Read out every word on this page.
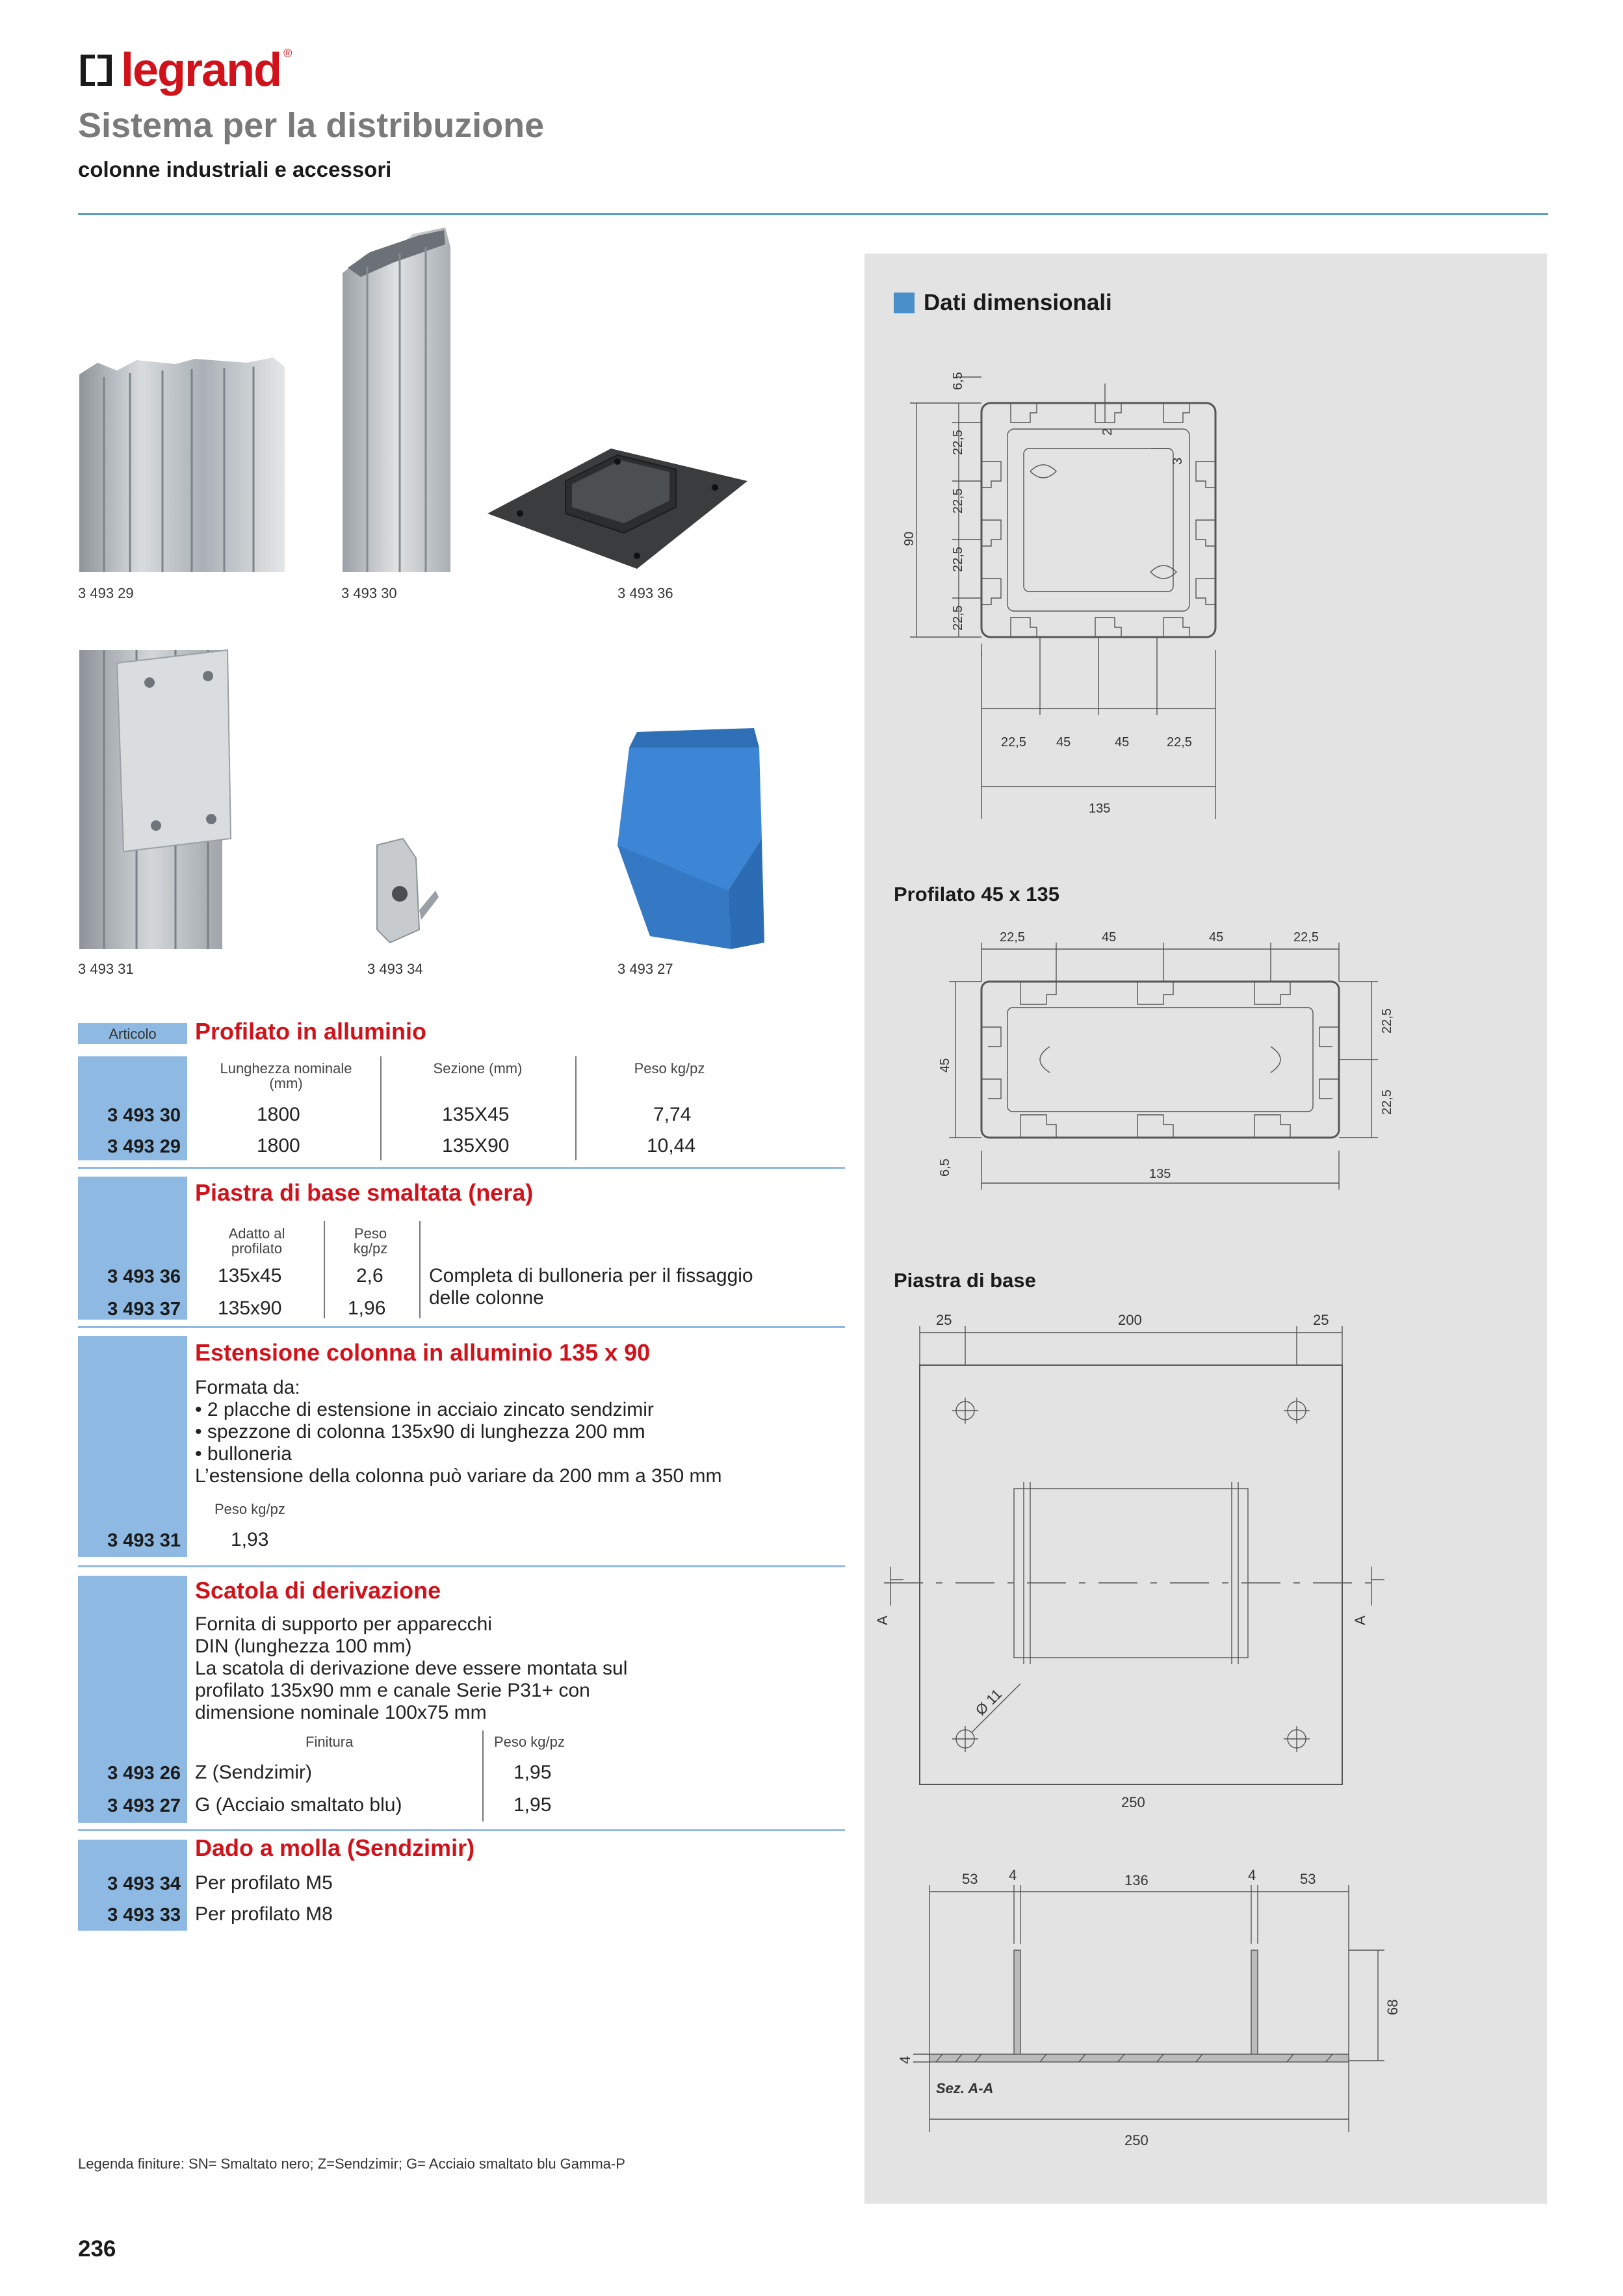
legrand ®
Sistema per la distribuzione
colonne industriali e accessori
3 493 29	3 493 30	3 493 36
3 493 31	3 493 34	3 493 27
Dati dimensionali
6,5
22,5
22,5
22,5
22,5
90
2
3
22,5 45	45	22,5
135
Profilato 45 x 135
22,5	45	45	22,5
45
6,5
22,5
22,5
135
Piastra di base
25	200	25
A	A
Ø 11
250
53 4	136	4	53
68
4
Sez. A-A
250
Articolo	Profilato in alluminio
Lunghezza nominale (mm)
Sezione (mm)	Peso kg/pz
3 493 30	1800	135X45	7,74
3 493 29	1800	135X90	10,44
Piastra di base smaltata (nera)
Adatto al profilato
Peso kg/pz
3 493 36	135x45	2,6
3 493 37	135x90	1,96
Completa di bulloneria per il fissaggio delle colonne
Estensione colonna in alluminio 135 x 90
Formata da:
• 2 placche di estensione in acciaio zincato sendzimir
• spezzone di colonna 135x90 di lunghezza 200 mm
• bulloneria
L’estensione della colonna può variare da 200 mm a 350 mm
Peso kg/pz
3 493 31	1,93
Scatola di derivazione
Fornita di supporto per apparecchi
DIN (lunghezza 100 mm)
La scatola di derivazione deve essere montata sul
profilato 135x90 mm e canale Serie P31+ con
dimensione nominale 100x75 mm
Finitura	Peso kg/pz
3 493 26 Z (Sendzimir)	1,95
3 493 27 G (Acciaio smaltato blu)	1,95
Dado a molla (Sendzimir)
3 493 34 Per profilato M5
3 493 33 Per profilato M8
Legenda finiture: SN= Smaltato nero; Z=Sendzimir; G= Acciaio smaltato blu Gamma-P
236
